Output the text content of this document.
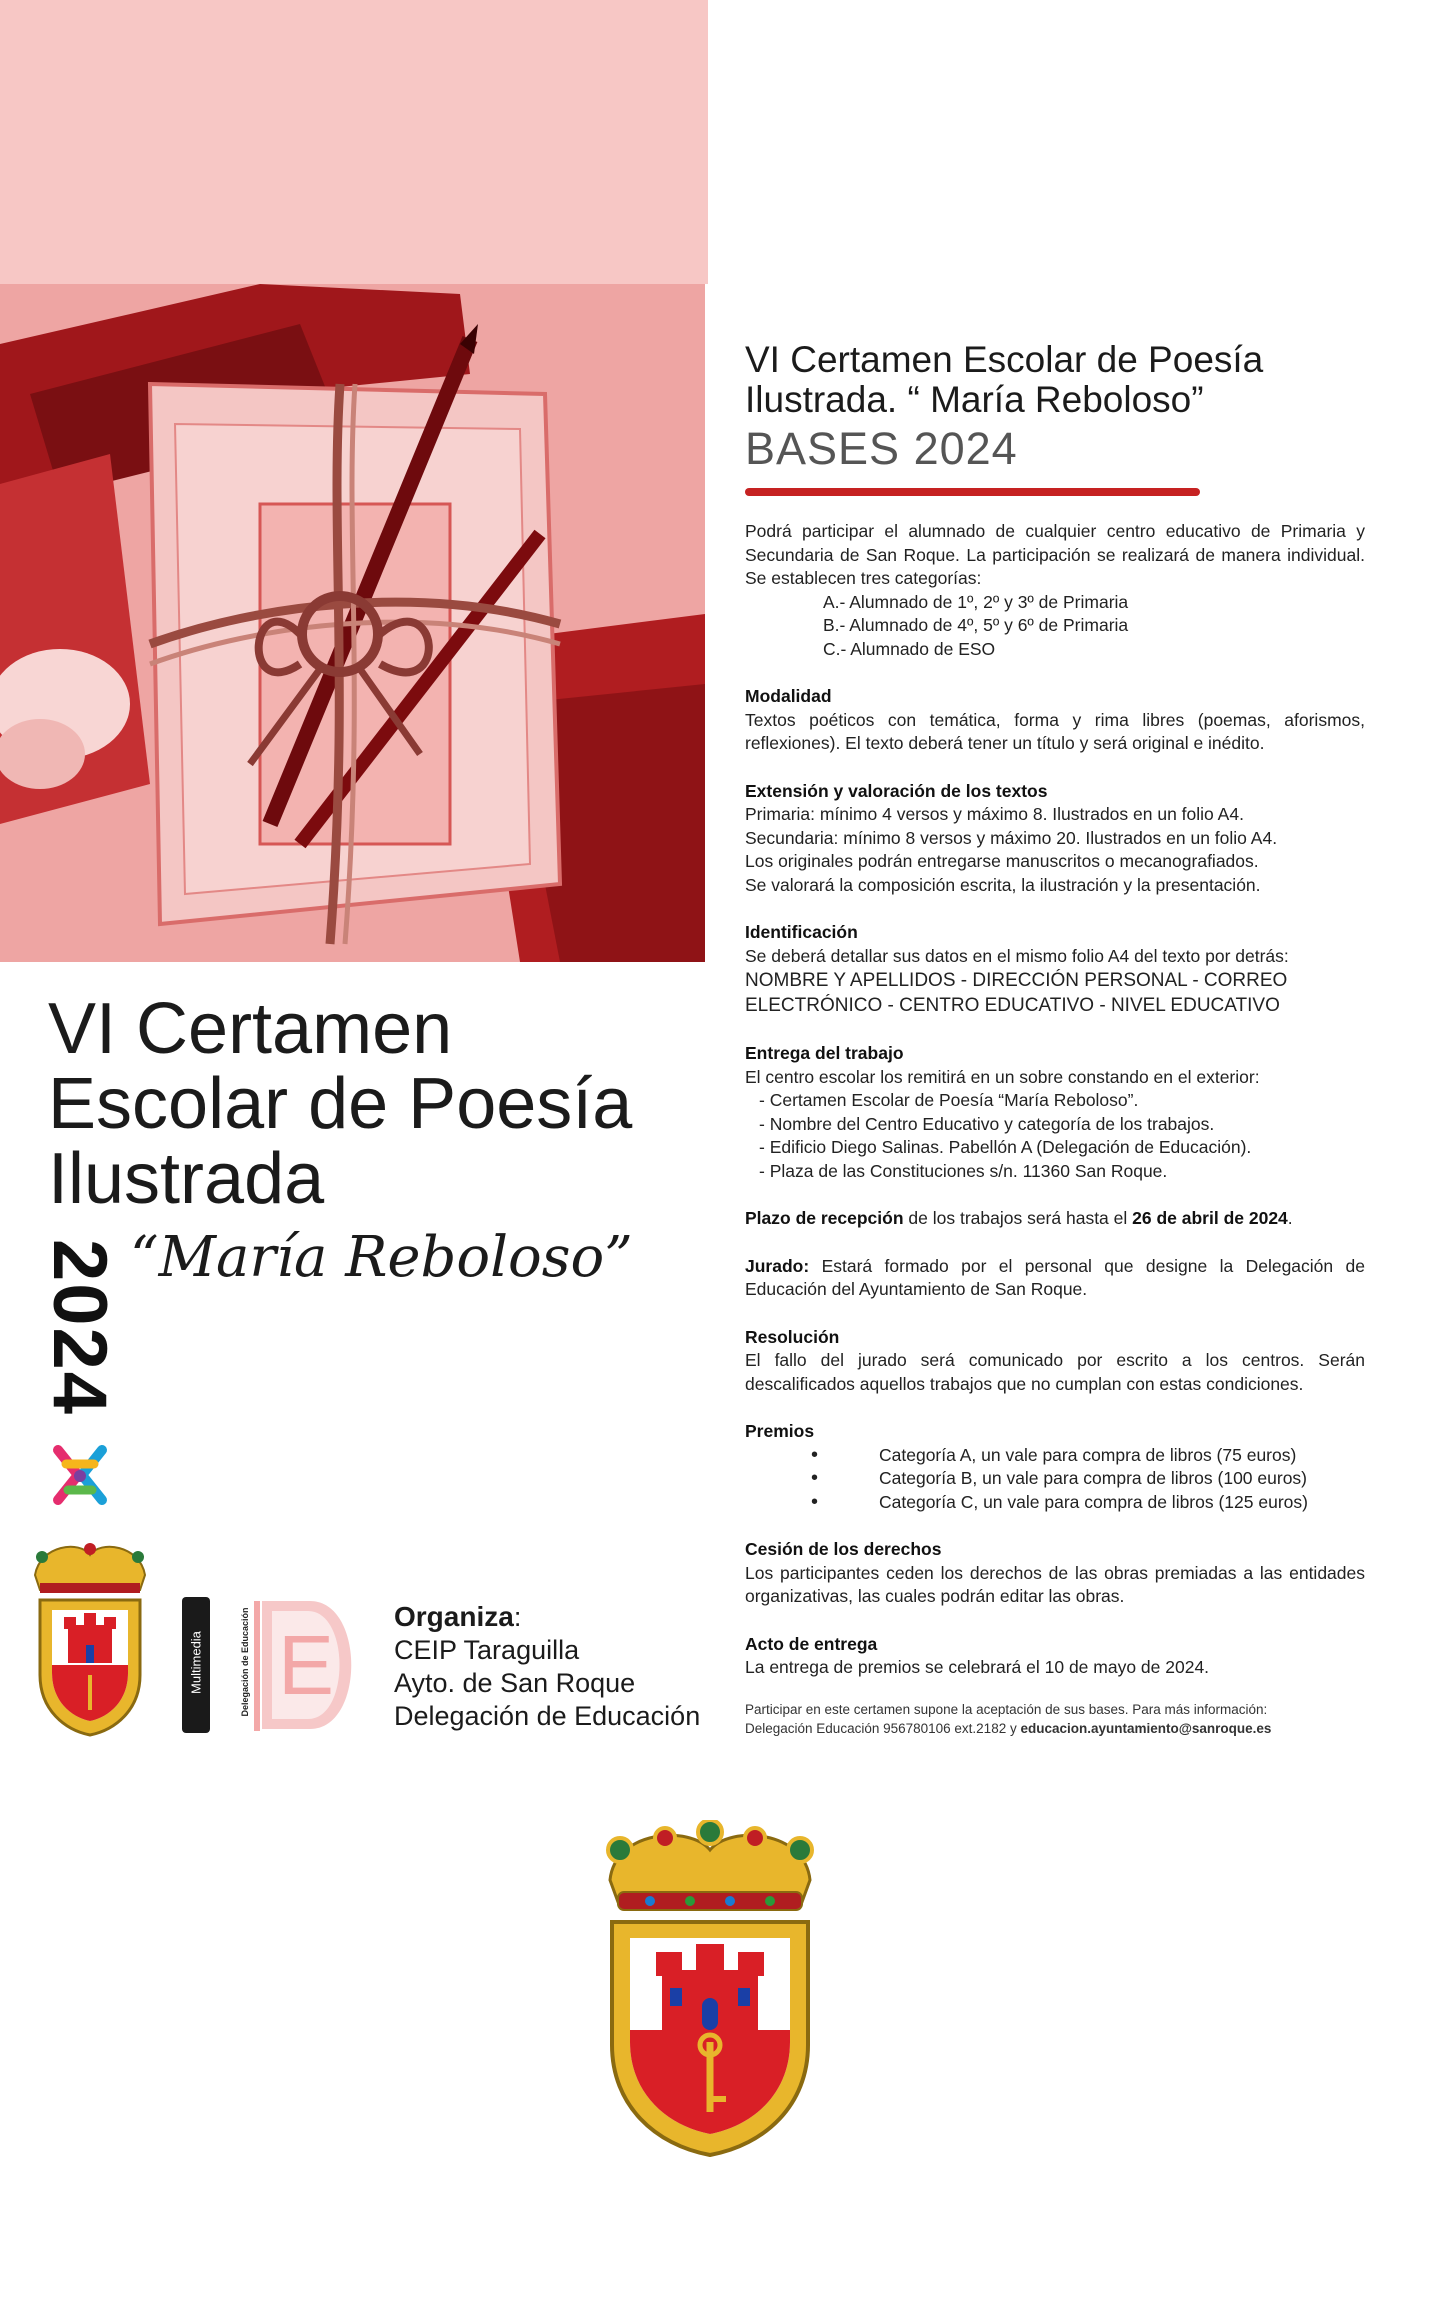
VI Certamen
Escolar de Poesía
Ilustrada
2024 “María Reboloso”
Multimedia	Delegación de Educación E
Organiza:
CEIP Taraguilla
Ayto. de San Roque
Delegación de Educación
VI Certamen Escolar de Poesía
Ilustrada. “ María Reboloso”
BASES 2024

Podrá participar el alumnado de cualquier centro educativo de Primaria y Secundaria de San Roque. La participación se realizará de manera individual. Se establecen tres categorías:

A.- Alumnado de 1º, 2º y 3º de Primaria
B.- Alumnado de 4º, 5º y 6º de Primaria
C.- Alumnado de ESO
Modalidad

Textos poéticos con temática, forma y rima libres (poemas, aforismos, reflexiones). El texto deberá tener un título y será original e inédito.

Extensión y valoración de los textos
Primaria: mínimo 4 versos y máximo 8. Ilustrados en un folio A4.
Secundaria: mínimo 8 versos y máximo 20. Ilustrados en un folio A4.
Los originales podrán entregarse manuscritos o mecanografiados.
Se valorará la composición escrita, la ilustración y la presentación.
Identificación
Se deberá detallar sus datos en el mismo folio A4 del texto por detrás:
NOMBRE Y APELLIDOS - DIRECCIÓN PERSONAL - CORREO ELECTRÓNICO - CENTRO EDUCATIVO - NIVEL EDUCATIVO
Entrega del trabajo
El centro escolar los remitirá en un sobre constando en el exterior:
- Certamen Escolar de Poesía “María Reboloso”.
- Nombre del Centro Educativo y categoría de los trabajos.
- Edificio Diego Salinas. Pabellón A (Delegación de Educación).
- Plaza de las Constituciones s/n. 11360 San Roque.
Plazo de recepción de los trabajos será hasta el 26 de abril de 2024.

Jurado: Estará formado por el personal que designe la Delegación de Educación del Ayuntamiento de San Roque.

Resolución

El fallo del jurado será comunicado por escrito a los centros. Serán descalificados aquellos trabajos que no cumplan con estas condiciones.

Premios
•	Categoría A, un vale para compra de libros (75 euros)
•	Categoría B, un vale para compra de libros (100 euros)
•	Categoría C, un vale para compra de libros (125 euros)
Cesión de los derechos

Los participantes ceden los derechos de las obras premiadas a las entidades organizativas, las cuales podrán editar las obras.

Acto de entrega
La entrega de premios se celebrará el 10 de mayo de 2024.
Participar en este certamen supone la aceptación de sus bases. Para más información:
Delegación Educación 956780106 ext.2182 y educacion.ayuntamiento@sanroque.es
